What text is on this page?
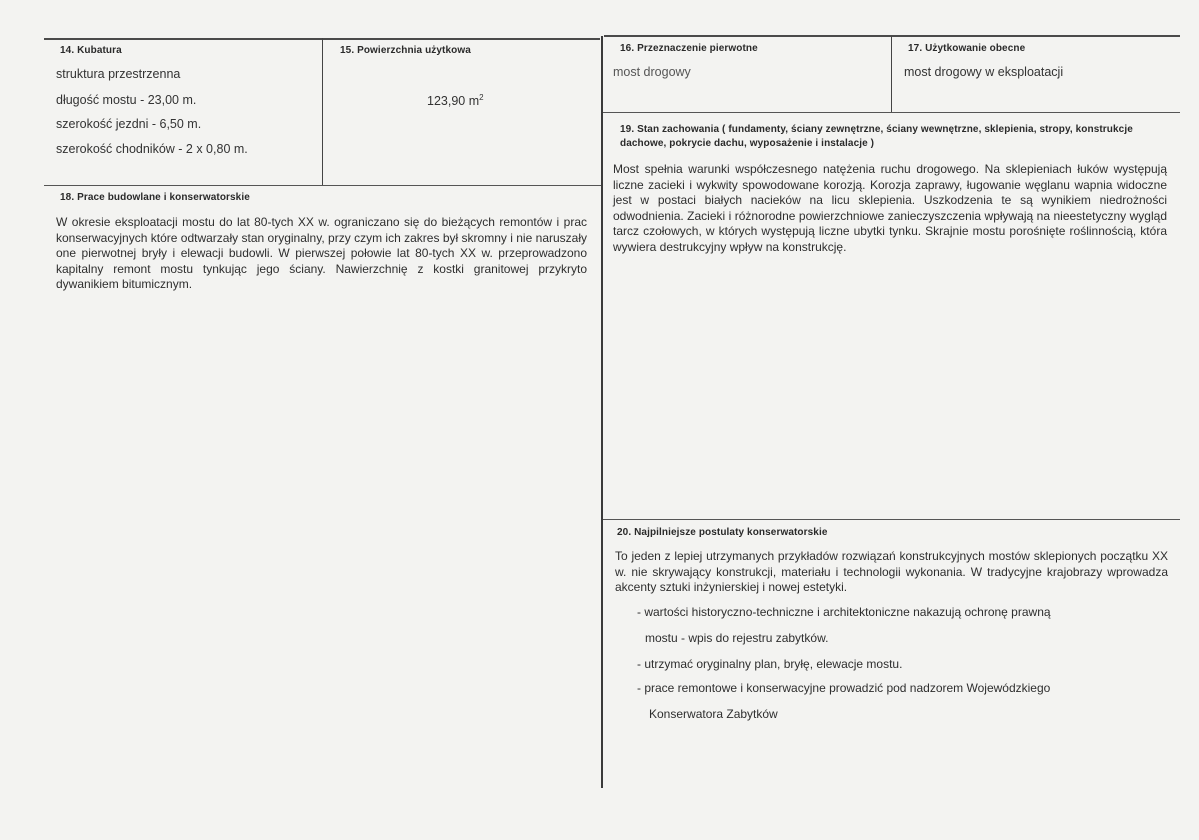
14. Kubatura
struktura przestrzenna
długość mostu - 23,00 m.
szerokość jezdni - 6,50 m.
szerokość chodników - 2 x 0,80 m.
15. Powierzchnia użytkowa
123,90 $m^2$
16. Przeznaczenie pierwotne
most drogowy
17. Użytkowanie obecne
most drogowy w eksploatacji
19. Stan zachowania ( fundamenty, ściany zewnętrzne, ściany wewnętrzne, sklepienia, stropy, konstrukcje dachowe, pokrycie dachu, wyposażenie i instalacje )
Most spełnia warunki współczesnego natężenia ruchu drogowego. Na sklepieniach łuków występują liczne zacieki i wykwity spowodowane korozją. Korozja zaprawy, ługowanie węglanu wapnia widoczne jest w postaci białych nacieków na licu sklepienia. Uszkodzenia te są wynikiem niedrożności odwodnienia. Zacieki i różnorodne powierzchniowe zanieczyszczenia wpływają na nieestetyczny wygląd tarcz czołowych, w których występują liczne ubytki tynku. Skrajnie mostu porośnięte roślinnością, która wywiera destrukcyjny wpływ na konstrukcję.
18. Prace budowlane i konserwatorskie
W okresie eksploatacji mostu do lat 80-tych XX w. ograniczano się do bieżących remontów i prac konserwacyjnych które odtwarzały stan oryginalny, przy czym ich zakres był skromny i nie naruszały one pierwotnej bryły i elewacji budowli. W pierwszej połowie lat 80-tych XX w. przeprowadzono kapitalny remont mostu tynkując jego ściany. Nawierzchnię z kostki granitowej przykryto dywanikiem bitumicznym.
20. Najpilniejsze postulaty konserwatorskie
To jeden z lepiej utrzymanych przykładów rozwiązań konstrukcyjnych mostów sklepionych początku XX w. nie skrywający konstrukcji, materiału i technologii wykonania. W tradycyjne krajobrazy wprowadza akcenty sztuki inżynierskiej i nowej estetyki.
- wartości historyczno-techniczne i architektoniczne nakazują ochronę prawną
mostu - wpis do rejestru zabytków.
- utrzymać oryginalny plan, bryłę, elewacje mostu.
- prace remontowe i konserwacyjne prowadzić pod nadzorem Wojewódzkiego
Konserwatora Zabytków
